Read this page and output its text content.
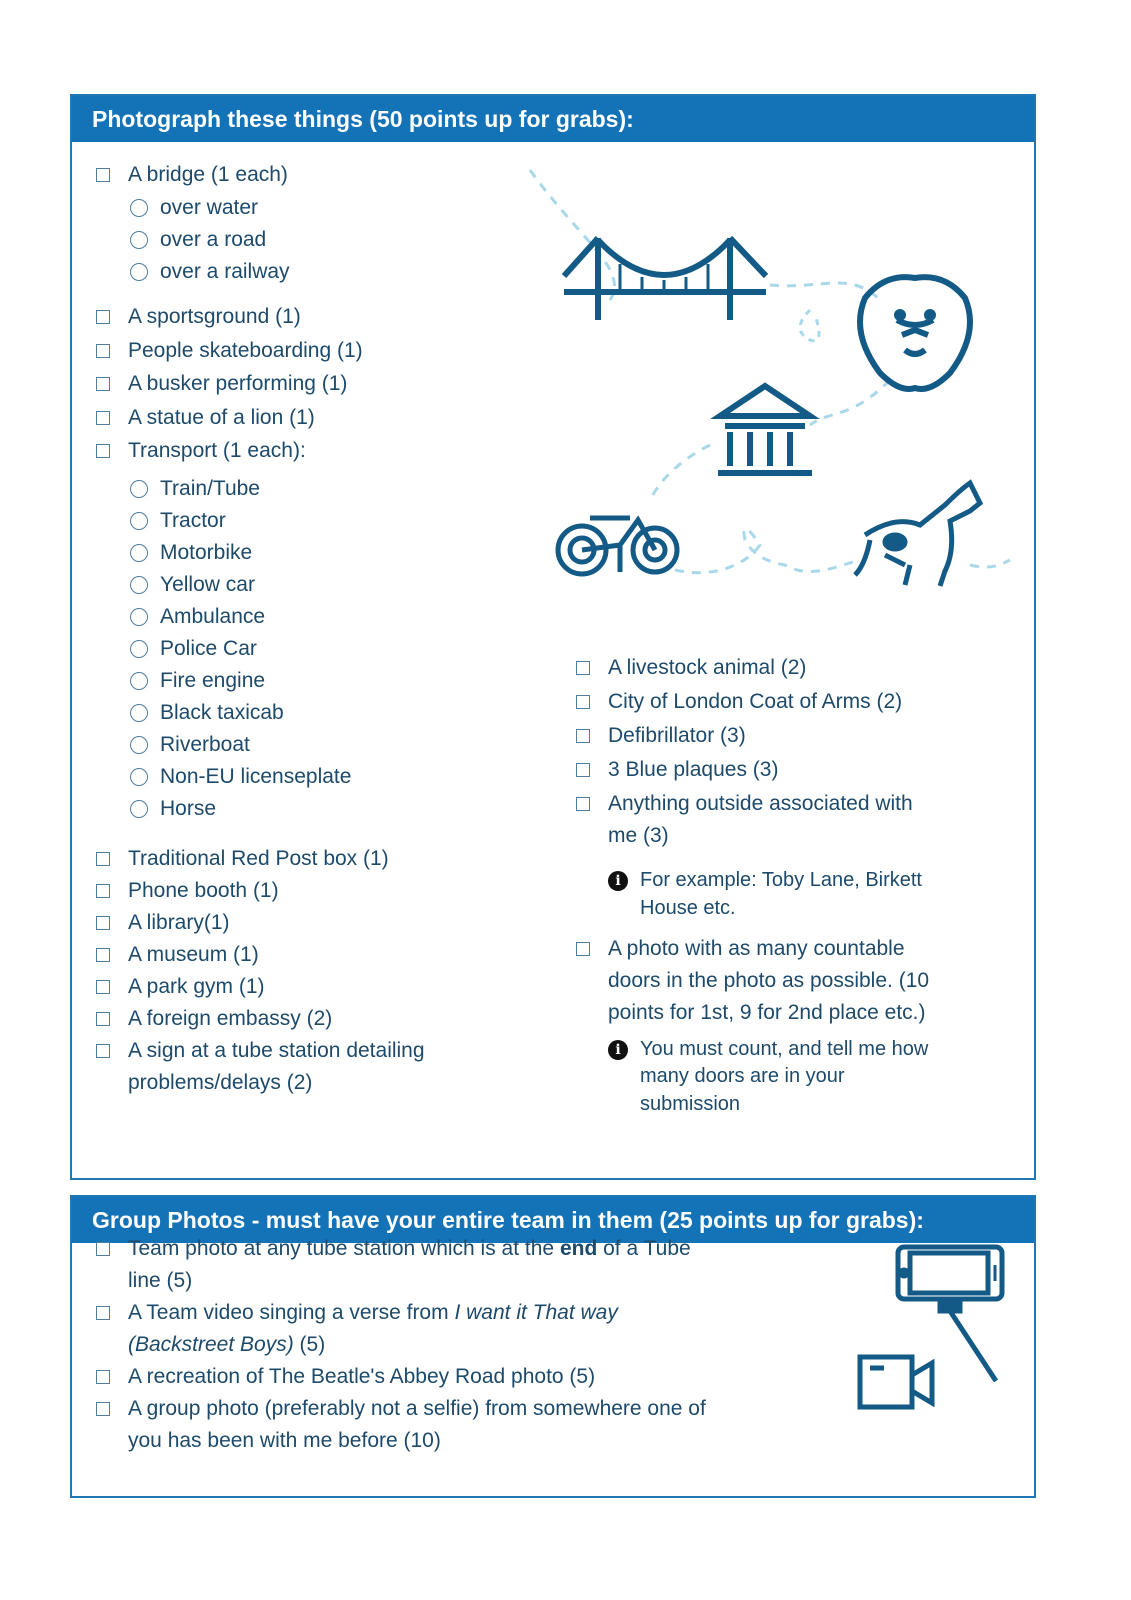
Photograph these things (50 points up for grabs):
A bridge (1 each)
over water
over a road
over a railway
A sportsground (1)
People skateboarding (1)
A busker performing (1)
A statue of a lion (1)
Transport (1 each):
Train/Tube
Tractor
Motorbike
Yellow car
Ambulance
Police Car
Fire engine
Black taxicab
Riverboat
Non-EU licenseplate
Horse
Traditional Red Post box (1)
Phone booth (1)
A library(1)
A museum (1)
A park gym (1)
A foreign embassy (2)
A sign at a tube station detailing
problems/delays (2)
A livestock animal (2)
City of London Coat of Arms (2)
Defibrillator (3)
3 Blue plaques (3)
Anything outside associated with
me (3)
i For example: Toby Lane, Birkett
House etc.
A photo with as many countable
doors in the photo as possible. (10
points for 1st, 9 for 2nd place etc.)
i You must count, and tell me how
many doors are in your
submission
Group Photos - must have your entire team in them (25 points up for grabs):
Team photo at any tube station which is at the end of a Tube
line (5)
A Team video singing a verse from I want it That way
(Backstreet Boys) (5)
A recreation of The Beatle's Abbey Road photo (5)
A group photo (preferably not a selfie) from somewhere one of
you has been with me before (10)
